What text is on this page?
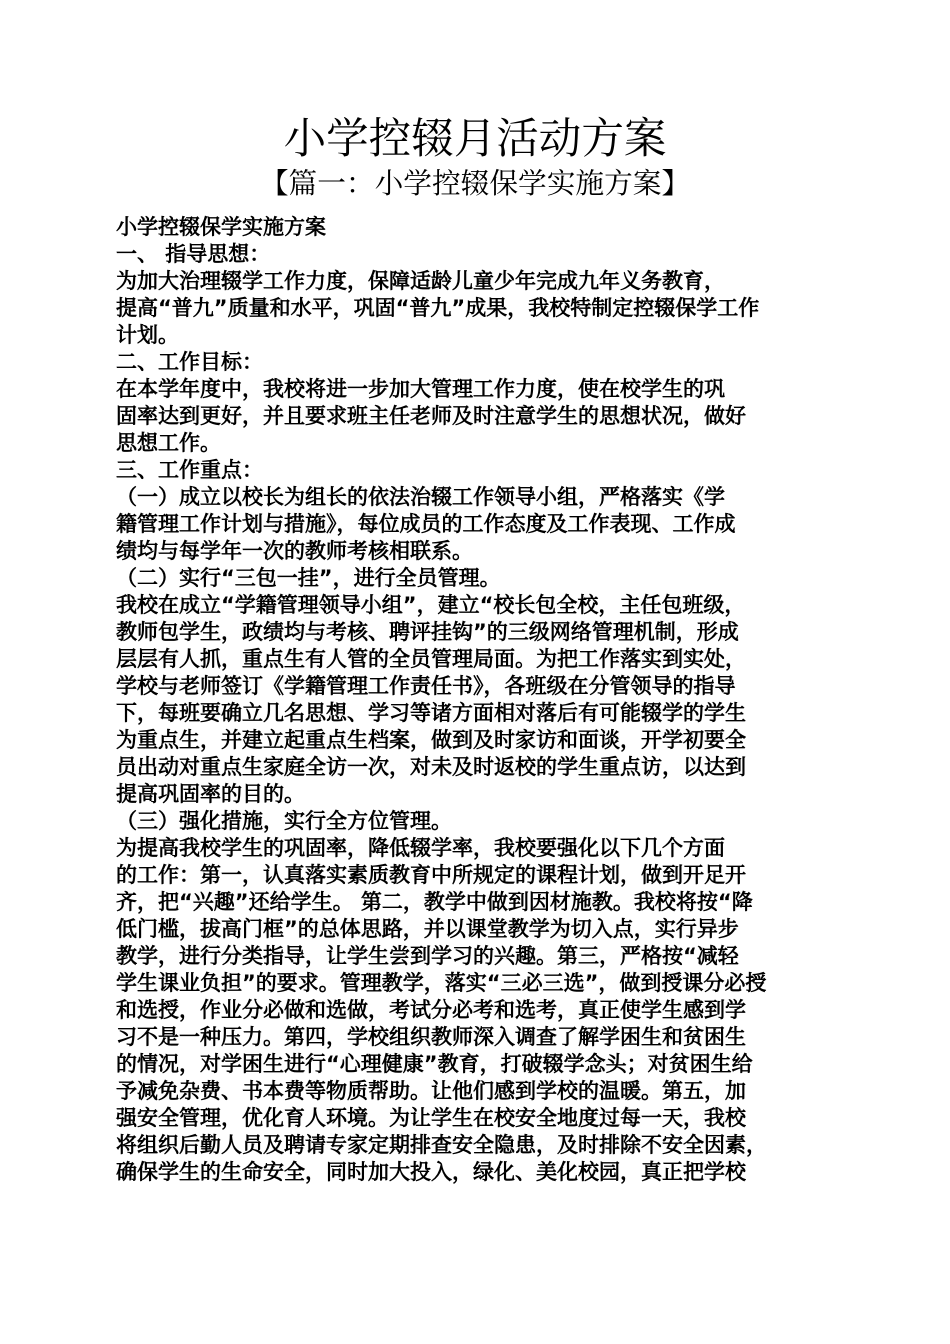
小学控辍月活动方案
【篇一：小学控辍保学实施方案】
小学控辍保学实施方案
一、 指导思想：
为加大治理辍学工作力度，保障适龄儿童少年完成九年义务教育，
提高“普九”质量和水平，巩固“普九”成果，我校特制定控辍保学工作
计划。
二、工作目标：
在本学年度中，我校将进一步加大管理工作力度，使在校学生的巩
固率达到更好，并且要求班主任老师及时注意学生的思想状况，做好
思想工作。
三、工作重点：
（一）成立以校长为组长的依法治辍工作领导小组，严格落实《学
籍管理工作计划与措施》，每位成员的工作态度及工作表现、工作成
绩均与每学年一次的教师考核相联系。
（二）实行“三包一挂”，进行全员管理。
我校在成立“学籍管理领导小组”，建立“校长包全校，主任包班级，
教师包学生，政绩均与考核、聘评挂钩”的三级网络管理机制，形成
层层有人抓，重点生有人管的全员管理局面。为把工作落实到实处，
学校与老师签订《学籍管理工作责任书》，各班级在分管领导的指导
下，每班要确立几名思想、学习等诸方面相对落后有可能辍学的学生
为重点生，并建立起重点生档案，做到及时家访和面谈，开学初要全
员出动对重点生家庭全访一次，对未及时返校的学生重点访，以达到
提高巩固率的目的。
（三）强化措施，实行全方位管理。
为提高我校学生的巩固率，降低辍学率，我校要强化以下几个方面
的工作：第一，认真落实素质教育中所规定的课程计划，做到开足开
齐，把“兴趣”还给学生。 第二，教学中做到因材施教。我校将按“降
低门槛，拔高门框”的总体思路，并以课堂教学为切入点，实行异步
教学，进行分类指导，让学生尝到学习的兴趣。第三，严格按“减轻
学生课业负担”的要求。管理教学，落实“三必三选”，做到授课分必授
和选授，作业分必做和选做，考试分必考和选考，真正使学生感到学
习不是一种压力。第四，学校组织教师深入调查了解学困生和贫困生
的情况，对学困生进行“心理健康”教育，打破辍学念头；对贫困生给
予减免杂费、书本费等物质帮助。让他们感到学校的温暖。第五，加
强安全管理，优化育人环境。为让学生在校安全地度过每一天，我校
将组织后勤人员及聘请专家定期排查安全隐患，及时排除不安全因素，
确保学生的生命安全，同时加大投入，绿化、美化校园，真正把学校
